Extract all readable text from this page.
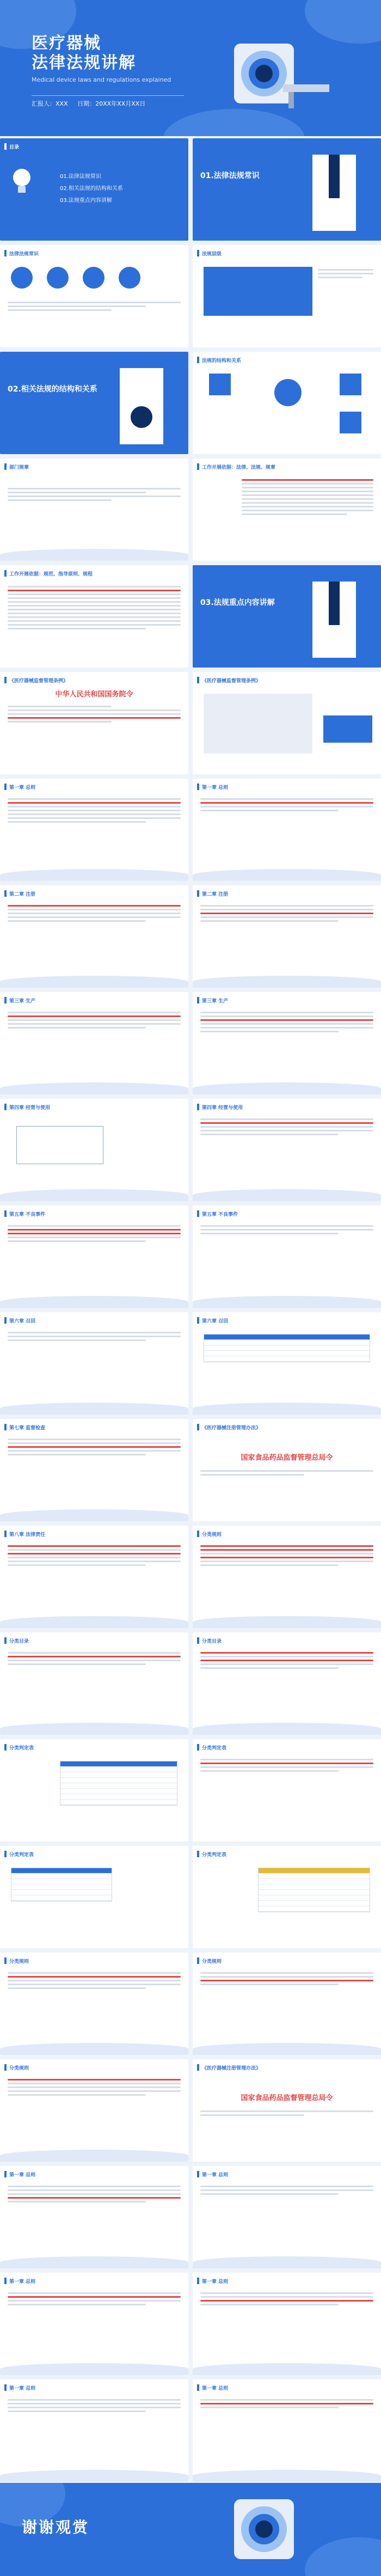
医疗器械
法律法规讲解
Medical device laws and regulations explained
汇报人：XXX 日期：20XX年XX月XX日
目录
01.法律法规常识
02.相关法规的结构和关系
03.法规重点内容讲解
01.法律法规常识
法律法规常识	法规层级
02.相关法规的结构和关系
法规的结构和关系
部门规章	工作开展依据：法律、法规、规章
工作开展依据：规范、指导原则、规程
03.法规重点内容讲解
《医疗器械监督管理条例》
中华人民共和国国务院令
《医疗器械监督管理条例》
第一章 总则	第一章 总则
第二章 注册	第二章 注册
第三章 生产	第三章 生产
第四章 经营与使用	第四章 经营与使用
第五章 不良事件	第五章 不良事件
第六章 召回	第六章 召回
第七章 监督检查	《医疗器械注册管理办法》
国家食品药品监督管理总局令
第八章 法律责任	分类规则
分类目录	分类目录
分类判定表	分类判定表
分类判定表	分类判定表
分类规则	分类规则
分类规则	《医疗器械注册管理办法》
国家食品药品监督管理总局令
第一章 总则	第一章 总则
第一章 总则	第一章 总则
第一章 总则	第一章 总则
谢谢观赏
